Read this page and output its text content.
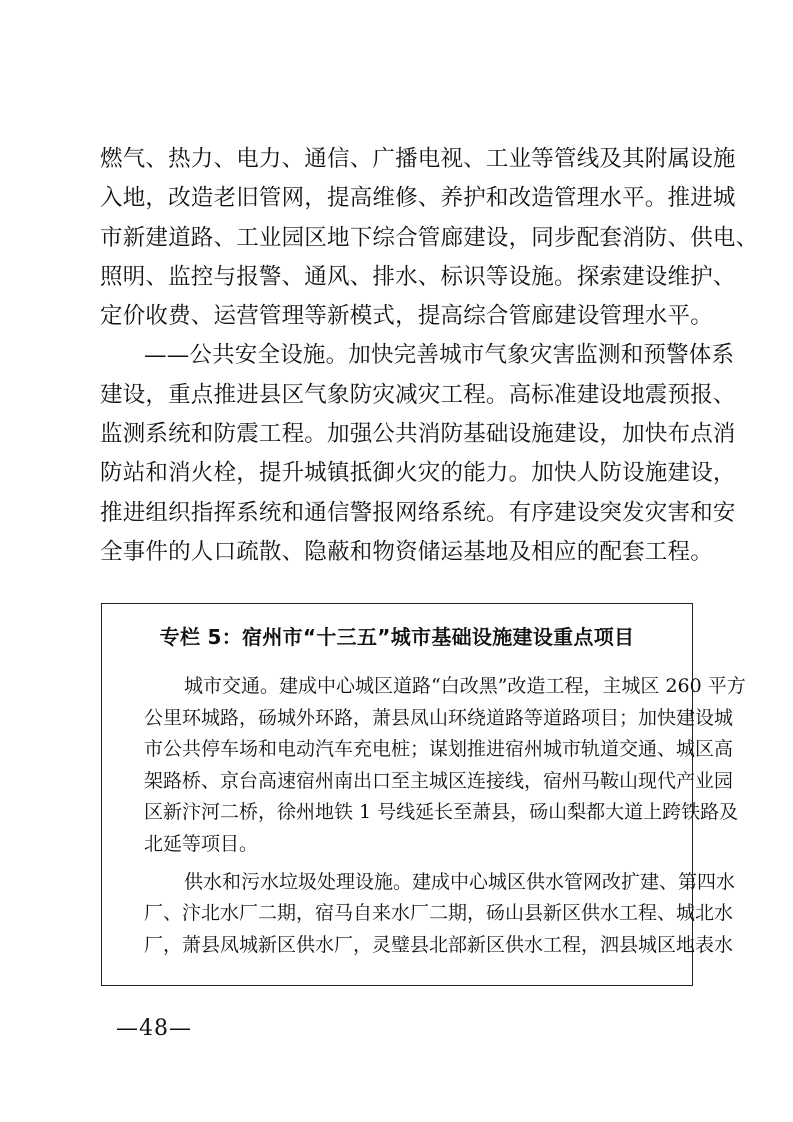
燃气、热力、电力、通信、广播电视、工业等管线及其附属设施
入地，改造老旧管网，提高维修、养护和改造管理水平。推进城
市新建道路、工业园区地下综合管廊建设，同步配套消防、供电、
照明、监控与报警、通风、排水、标识等设施。探索建设维护、
定价收费、运营管理等新模式，提高综合管廊建设管理水平。
——公共安全设施。加快完善城市气象灾害监测和预警体系
建设，重点推进县区气象防灾减灾工程。高标准建设地震预报、
监测系统和防震工程。加强公共消防基础设施建设，加快布点消
防站和消火栓，提升城镇抵御火灾的能力。加快人防设施建设，
推进组织指挥系统和通信警报网络系统。有序建设突发灾害和安
全事件的人口疏散、隐蔽和物资储运基地及相应的配套工程。
专栏 5：宿州市“十三五”城市基础设施建设重点项目
城市交通。建成中心城区道路“白改黑”改造工程，主城区 260 平方
公里环城路，砀城外环路，萧县凤山环绕道路等道路项目；加快建设城
市公共停车场和电动汽车充电桩；谋划推进宿州城市轨道交通、城区高
架路桥、京台高速宿州南出口至主城区连接线，宿州马鞍山现代产业园
区新汴河二桥，徐州地铁 1 号线延长至萧县，砀山梨都大道上跨铁路及
北延等项目。
供水和污水垃圾处理设施。建成中心城区供水管网改扩建、第四水
厂、汴北水厂二期，宿马自来水厂二期，砀山县新区供水工程、城北水
厂，萧县凤城新区供水厂，灵璧县北部新区供水工程，泗县城区地表水
—48—
